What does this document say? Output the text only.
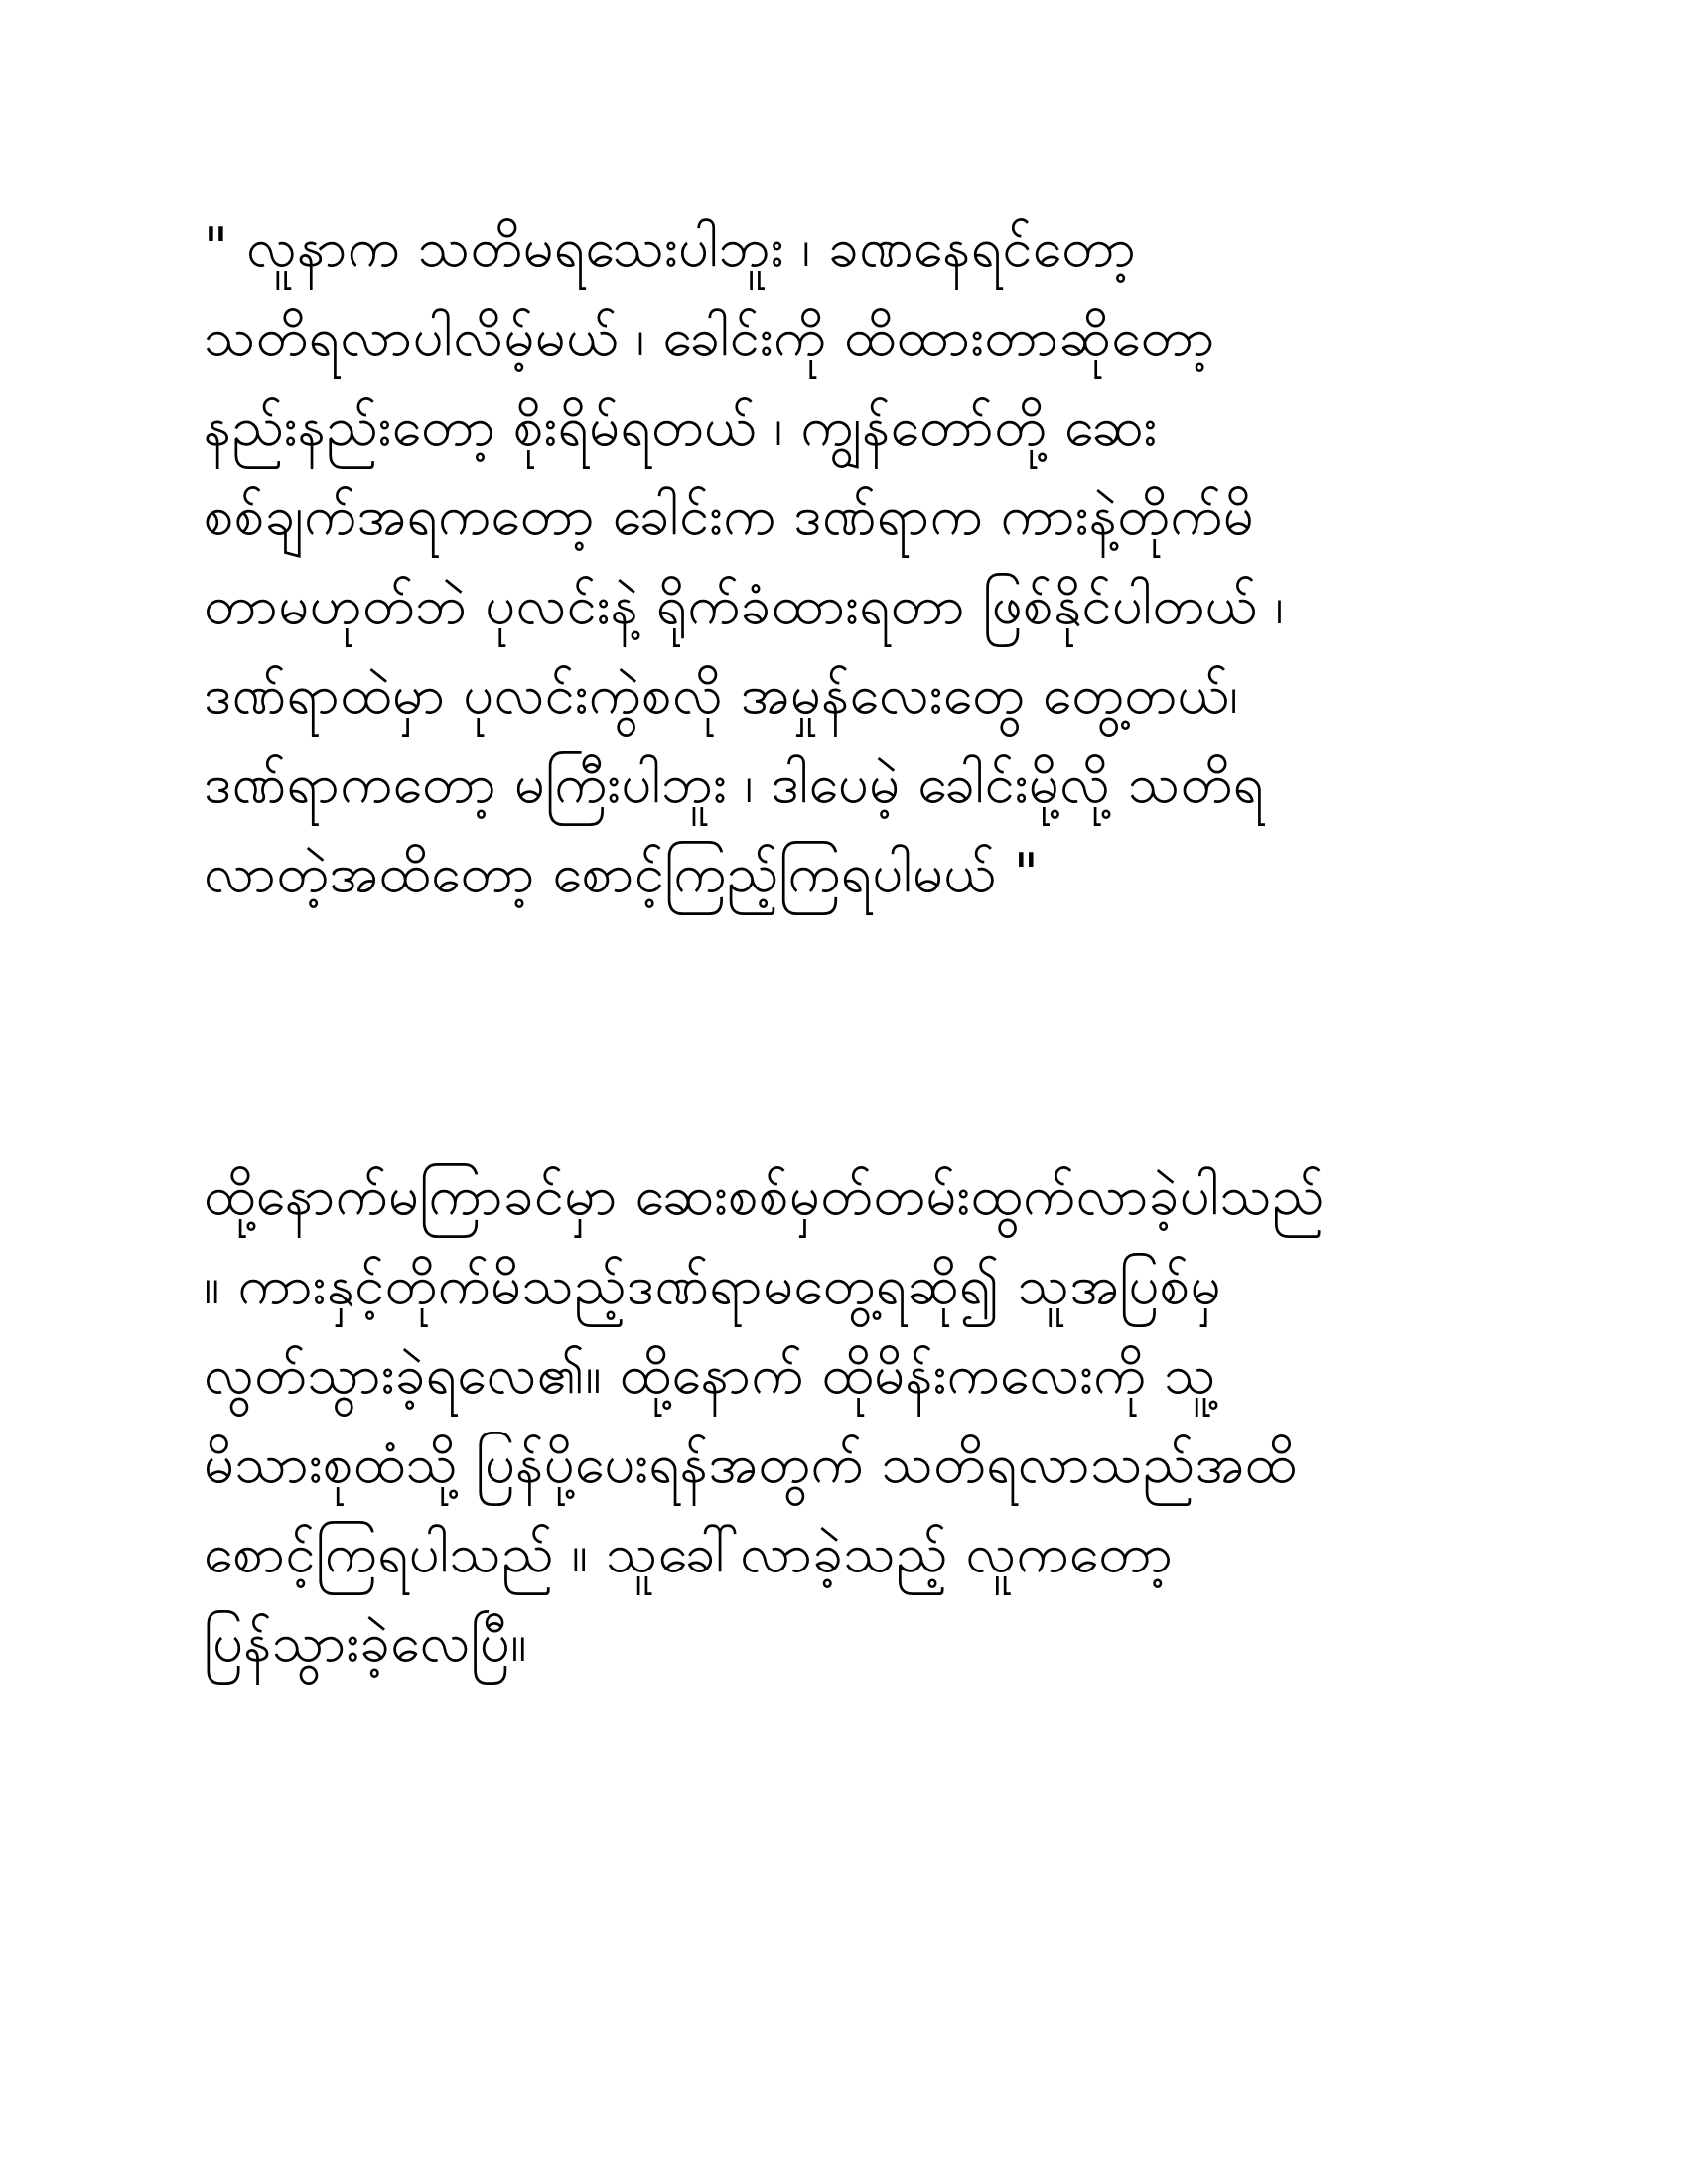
" လူနာက သတိမရသေးပါဘူး ၊ ခဏနေရင်တော့
သတိရလာပါလိမ့်မယ် ၊ ခေါင်းကို ထိထားတာဆိုတော့
နည်းနည်းတော့ စိုးရိမ်ရတယ် ၊ ကျွန်တော်တို့ ဆေး
စစ်ချက်အရကတော့ ခေါင်းက ဒဏ်ရာက ကားနဲ့တိုက်မိ
တာမဟုတ်ဘဲ ပုလင်းနဲ့ ရိုက်ခံထားရတာ ဖြစ်နိုင်ပါတယ် ၊
ဒဏ်ရာထဲမှာ ပုလင်းကွဲစလို အမှုန်လေးတွေ တွေ့တယ်၊
ဒဏ်ရာကတော့ မကြီးပါဘူး ၊ ဒါပေမဲ့ ခေါင်းမို့လို့ သတိရ
လာတဲ့အထိတော့ စောင့်ကြည့်ကြရပါမယ် "

ထို့နောက်မကြာခင်မှာ ဆေးစစ်မှတ်တမ်းထွက်လာခဲ့ပါသည်
။ ကားနှင့်တိုက်မိသည့်ဒဏ်ရာမတွေ့ရဆို၍ သူအပြစ်မှ
လွတ်သွားခဲ့ရလေ၏။ ထို့နောက် ထိုမိန်းကလေးကို သူ့
မိသားစုထံသို့ ပြန်ပို့ပေးရန်အတွက် သတိရလာသည်အထိ
စောင့်ကြရပါသည် ။ သူခေါ်လာခဲ့သည့် လူကတော့
ပြန်သွားခဲ့လေပြီ။
